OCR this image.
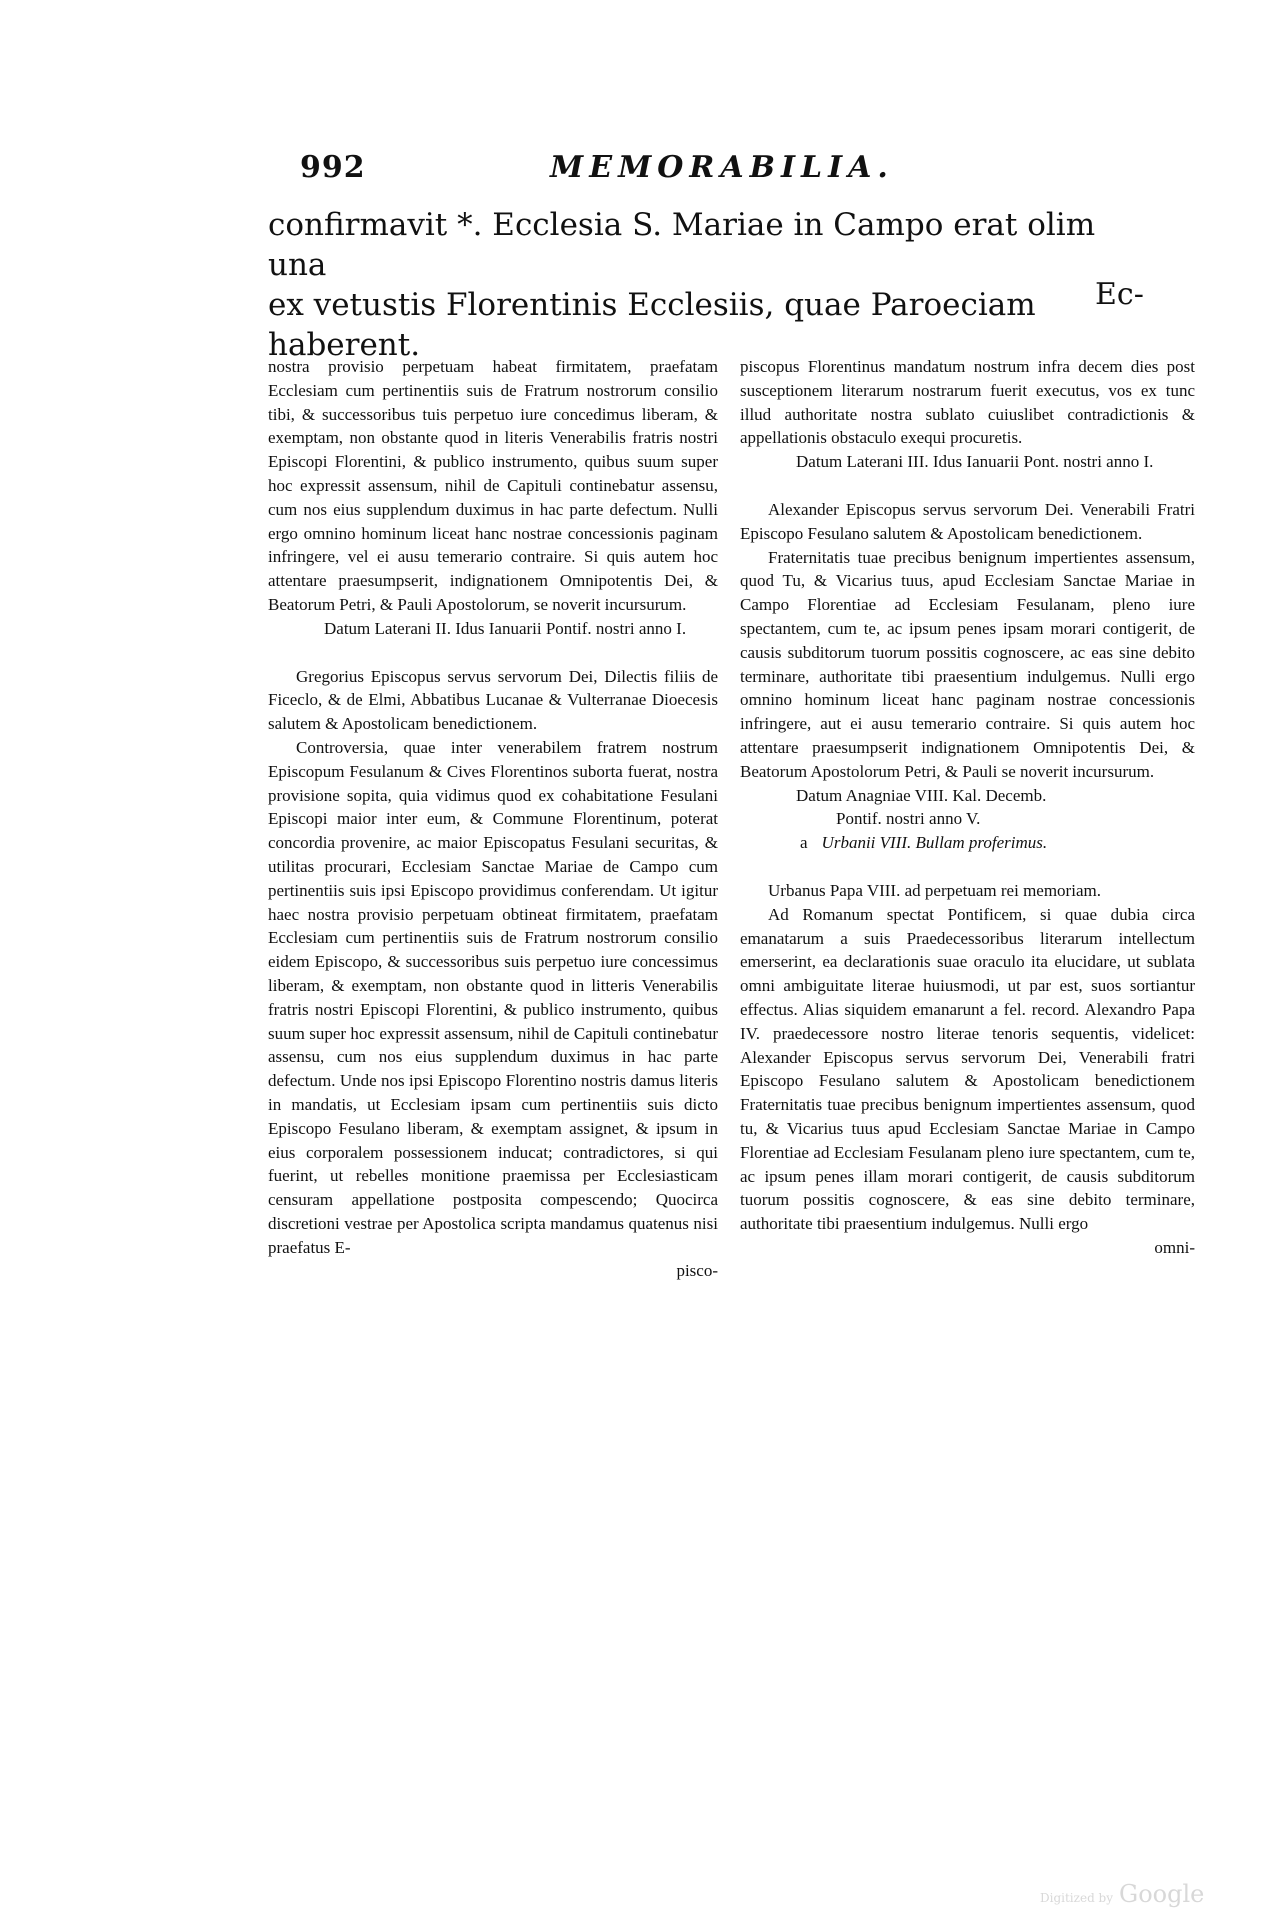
992	MEMORABILIA.

confirmavit *. Ecclesia S. Mariae in Campo erat olim una

ex vetustis Florentinis Ecclesiis, quae Paroeciam haberent.

Ec-

nostra provisio perpetuam habeat firmitatem, praefatam Ecclesiam cum pertinentiis suis de Fratrum nostrorum consilio tibi, & successoribus tuis perpetuo iure concedimus liberam, & exemptam, non obstante quod in literis Venerabilis fratris nostri Episcopi Florentini, & publico instrumento, quibus suum super hoc expressit assensum, nihil de Capituli continebatur assensu, cum nos eius supplendum duximus in hac parte defectum. Nulli ergo omnino hominum liceat hanc nostrae concessionis paginam infringere, vel ei ausu temerario contraire. Si quis autem hoc attentare praesumpserit, indignationem Omnipotentis Dei, & Beatorum Petri, & Pauli Apostolorum, se noverit incursurum.

Datum Laterani II. Idus Ianuarii Pontif. nostri anno I.

Gregorius Episcopus servus servorum Dei, Dilectis filiis de Ficeclo, & de Elmi, Abbatibus Lucanae & Vulterranae Dioecesis salutem & Apostolicam benedictionem.

Controversia, quae inter venerabilem fratrem nostrum Episcopum Fesulanum & Cives Florentinos suborta fuerat, nostra provisione sopita, quia vidimus quod ex cohabitatione Fesulani Episcopi maior inter eum, & Commune Florentinum, poterat concordia provenire, ac maior Episcopatus Fesulani securitas, & utilitas procurari, Ecclesiam Sanctae Mariae de Campo cum pertinentiis suis ipsi Episcopo providimus conferendam. Ut igitur haec nostra provisio perpetuam obtineat firmitatem, praefatam Ecclesiam cum pertinentiis suis de Fratrum nostrorum consilio eidem Episcopo, & successoribus suis perpetuo iure concessimus liberam, & exemptam, non obstante quod in litteris Venerabilis fratris nostri Episcopi Florentini, & publico instrumento, quibus suum super hoc expressit assensum, nihil de Capituli continebatur assensu, cum nos eius supplendum duximus in hac parte defectum. Unde nos ipsi Episcopo Florentino nostris damus literis in mandatis, ut Ecclesiam ipsam cum pertinentiis suis dicto Episcopo Fesulano liberam, & exemptam assignet, & ipsum in eius corporalem possessionem inducat; contradictores, si qui fuerint, ut rebelles monitione praemissa per Ecclesiasticam censuram appellatione postposita compescendo; Quocirca discretioni vestrae per Apostolica scripta mandamus quatenus nisi praefatus E-

pisco-

piscopus Florentinus mandatum nostrum infra decem dies post susceptionem literarum nostrarum fuerit executus, vos ex tunc illud authoritate nostra sublato cuiuslibet contradictionis & appellationis obstaculo exequi procuretis.

Datum Laterani III. Idus Ianuarii Pont. nostri anno I.

Alexander Episcopus servus servorum Dei. Venerabili Fratri Episcopo Fesulano salutem & Apostolicam benedictionem.

Fraternitatis tuae precibus benignum impertientes assensum, quod Tu, & Vicarius tuus, apud Ecclesiam Sanctae Mariae in Campo Florentiae ad Ecclesiam Fesulanam, pleno iure spectantem, cum te, ac ipsum penes ipsam morari contigerit, de causis subditorum tuorum possitis cognoscere, ac eas sine debito terminare, authoritate tibi praesentium indulgemus. Nulli ergo omnino hominum liceat hanc paginam nostrae concessionis infringere, aut ei ausu temerario contraire. Si quis autem hoc attentare praesumpserit indignationem Omnipotentis Dei, & Beatorum Apostolorum Petri, & Pauli se noverit incursurum.

Datum Anagniae VIII. Kal. Decemb.

Pontif. nostri anno V.

a Urbanii VIII. Bullam proferimus.

Urbanus Papa VIII. ad perpetuam rei memoriam.

Ad Romanum spectat Pontificem, si quae dubia circa emanatarum a suis Praedecessoribus literarum intellectum emerserint, ea declarationis suae oraculo ita elucidare, ut sublata omni ambiguitate literae huiusmodi, ut par est, suos sortiantur effectus. Alias siquidem emanarunt a fel. record. Alexandro Papa IV. praedecessore nostro literae tenoris sequentis, videlicet: Alexander Episcopus servus servorum Dei, Venerabili fratri Episcopo Fesulano salutem & Apostolicam benedictionem Fraternitatis tuae precibus benignum impertientes assensum, quod tu, & Vicarius tuus apud Ecclesiam Sanctae Mariae in Campo Florentiae ad Ecclesiam Fesulanam pleno iure spectantem, cum te, ac ipsum penes illam morari contigerit, de causis subditorum tuorum possitis cognoscere, & eas sine debito terminare, authoritate tibi praesentium indulgemus. Nulli ergo

omni-

Digitized by Google
